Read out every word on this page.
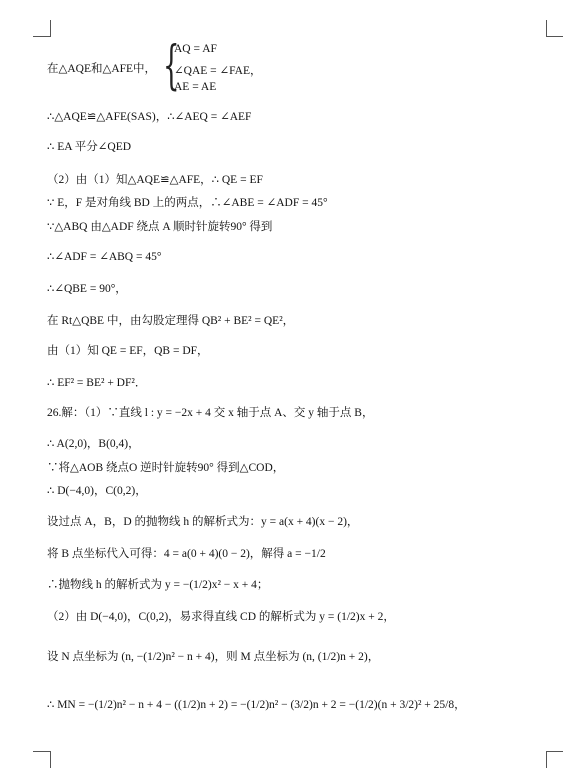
在△AQE和△AFE中， {
AQ = AF
∠QAE = ∠FAE，
AE = AE
∴△AQE≌△AFE(SAS)，∴∠AEQ = ∠AEF
∴ EA 平分∠QED
（2）由（1）知△AQE≌△AFE，∴ QE = EF
∵ E，F 是对角线 BD 上的两点，∴∠ABE = ∠ADF = 45°
∵△ABQ 由△ADF 绕点 A 顺时针旋转90° 得到
∴∠ADF = ∠ABQ = 45°
∴∠QBE = 90°，
在 Rt△QBE 中，由勾股定理得 QB² + BE² = QE²，
由（1）知 QE = EF，QB = DF，
∴ EF² = BE² + DF²．
26.解：（1）∵直线 l : y = −2x + 4 交 x 轴于点 A、交 y 轴于点 B，
∴ A(2,0)，B(0,4)，
∵将△AOB 绕点O 逆时针旋转90° 得到△COD，
∴ D(−4,0)，C(0,2)，
设过点 A，B，D 的抛物线 h 的解析式为：y = a(x + 4)(x − 2)，
将 B 点坐标代入可得：4 = a(0 + 4)(0 − 2)，解得 a = −1/2
∴抛物线 h 的解析式为 y = −(1/2)x² − x + 4；
（2）由 D(−4,0)，C(0,2)，易求得直线 CD 的解析式为 y = (1/2)x + 2，
设 N 点坐标为 (n, −(1/2)n² − n + 4)，则 M 点坐标为 (n, (1/2)n + 2)，
∴ MN = −(1/2)n² − n + 4 − ((1/2)n + 2) = −(1/2)n² − (3/2)n + 2 = −(1/2)(n + 3/2)² + 25/8，
